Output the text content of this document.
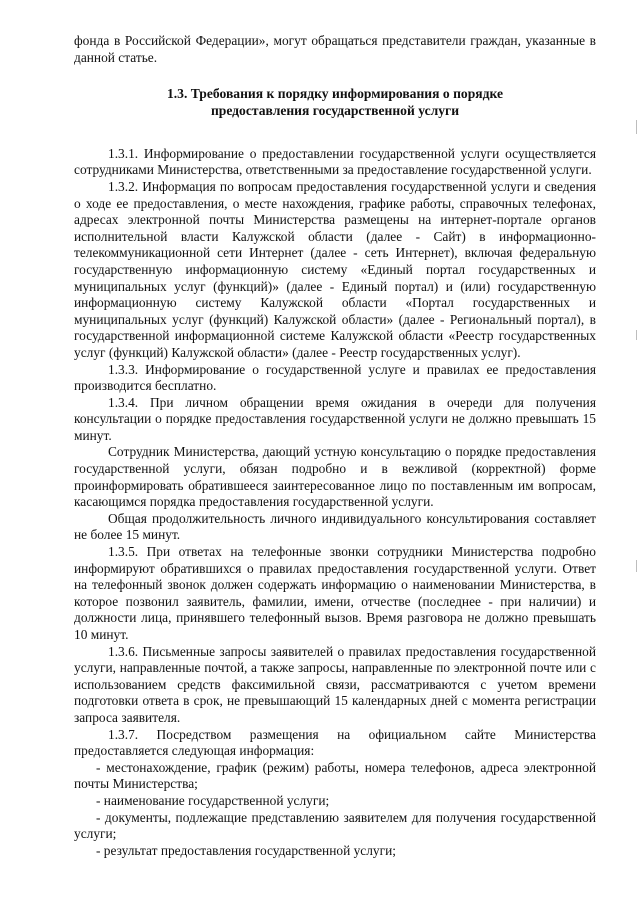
фонда в Российской Федерации», могут обращаться представители граждан, указанные в данной статье.

1.3. Требования к порядку информирования о порядке
предоставления государственной услуги

1.3.1. Информирование о предоставлении государственной услуги осуществляется сотрудниками Министерства, ответственными за предоставление государственной услуги.

1.3.2. Информация по вопросам предоставления государственной услуги и сведения о ходе ее предоставления, о месте нахождения, графике работы, справочных телефонах, адресах электронной почты Министерства размещены на интернет-портале органов исполнительной власти Калужской области (далее - Сайт) в информационно-телекоммуникационной сети Интернет (далее - сеть Интернет), включая федеральную государственную информационную систему «Единый портал государственных и муниципальных услуг (функций)» (далее - Единый портал) и (или) государственную информационную систему Калужской области «Портал государственных и муниципальных услуг (функций) Калужской области» (далее - Региональный портал), в государственной информационной системе Калужской области «Реестр государственных услуг (функций) Калужской области» (далее - Реестр государственных услуг).

1.3.3. Информирование о государственной услуге и правилах ее предоставления производится бесплатно.

1.3.4. При личном обращении время ожидания в очереди для получения консультации о порядке предоставления государственной услуги не должно превышать 15 минут.

Сотрудник Министерства, дающий устную консультацию о порядке предоставления государственной услуги, обязан подробно и в вежливой (корректной) форме проинформировать обратившееся заинтересованное лицо по поставленным им вопросам, касающимся порядка предоставления государственной услуги.

Общая продолжительность личного индивидуального консультирования составляет не более 15 минут.

1.3.5. При ответах на телефонные звонки сотрудники Министерства подробно информируют обратившихся о правилах предоставления государственной услуги. Ответ на телефонный звонок должен содержать информацию о наименовании Министерства, в которое позвонил заявитель, фамилии, имени, отчестве (последнее - при наличии) и должности лица, принявшего телефонный вызов. Время разговора не должно превышать 10 минут.

1.3.6. Письменные запросы заявителей о правилах предоставления государственной услуги, направленные почтой, а также запросы, направленные по электронной почте или с использованием средств факсимильной связи, рассматриваются с учетом времени подготовки ответа в срок, не превышающий 15 календарных дней с момента регистрации запроса заявителя.

1.3.7. Посредством размещения на официальном сайте Министерства предоставляется следующая информация:

- местонахождение, график (режим) работы, номера телефонов, адреса электронной почты Министерства;

- наименование государственной услуги;

- документы, подлежащие представлению заявителем для получения государственной услуги;

- результат предоставления государственной услуги;
